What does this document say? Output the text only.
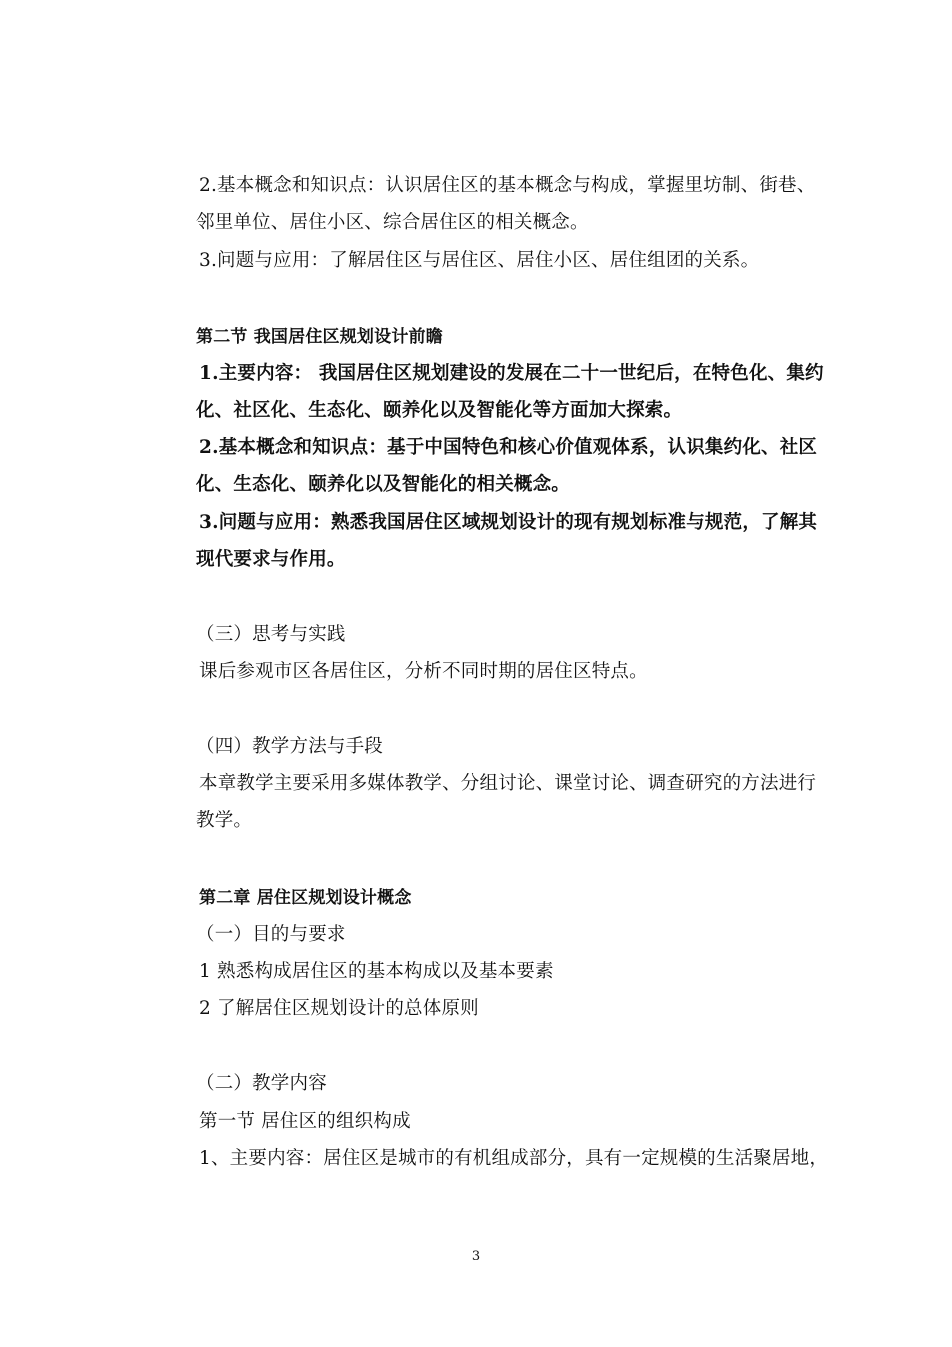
2.基本概念和知识点：认识居住区的基本概念与构成，掌握里坊制、街巷、
邻里单位、居住小区、综合居住区的相关概念。
3.问题与应用：了解居住区与居住区、居住小区、居住组团的关系。
第二节 我国居住区规划设计前瞻
1.主要内容： 我国居住区规划建设的发展在二十一世纪后，在特色化、集约
化、社区化、生态化、颐养化以及智能化等方面加大探索。
2.基本概念和知识点：基于中国特色和核心价值观体系，认识集约化、社区
化、生态化、颐养化以及智能化的相关概念。
3.问题与应用：熟悉我国居住区域规划设计的现有规划标准与规范，了解其
现代要求与作用。
（三）思考与实践
课后参观市区各居住区，分析不同时期的居住区特点。
（四）教学方法与手段
本章教学主要采用多媒体教学、分组讨论、课堂讨论、调查研究的方法进行
教学。
第二章 居住区规划设计概念
（一）目的与要求
1 熟悉构成居住区的基本构成以及基本要素
2 了解居住区规划设计的总体原则
（二）教学内容
第一节 居住区的组织构成
1、主要内容：居住区是城市的有机组成部分，具有一定规模的生活聚居地，
3
